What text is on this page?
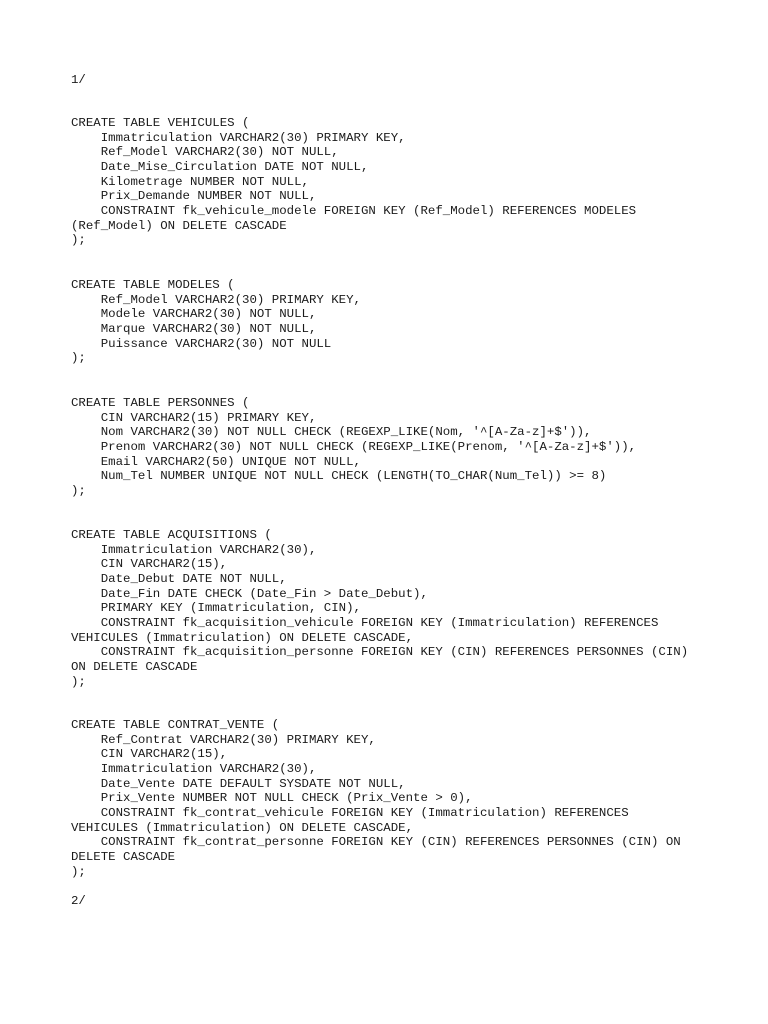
1/
CREATE TABLE VEHICULES (
Immatriculation VARCHAR2(30) PRIMARY KEY,
Ref_Model VARCHAR2(30) NOT NULL,
Date_Mise_Circulation DATE NOT NULL,
Kilometrage NUMBER NOT NULL,
Prix_Demande NUMBER NOT NULL,
CONSTRAINT fk_vehicule_modele FOREIGN KEY (Ref_Model) REFERENCES MODELES
(Ref_Model) ON DELETE CASCADE
);
CREATE TABLE MODELES (
Ref_Model VARCHAR2(30) PRIMARY KEY,
Modele VARCHAR2(30) NOT NULL,
Marque VARCHAR2(30) NOT NULL,
Puissance VARCHAR2(30) NOT NULL
);
CREATE TABLE PERSONNES (
CIN VARCHAR2(15) PRIMARY KEY,
Nom VARCHAR2(30) NOT NULL CHECK (REGEXP_LIKE(Nom, '^[A-Za-z]+$')),
Prenom VARCHAR2(30) NOT NULL CHECK (REGEXP_LIKE(Prenom, '^[A-Za-z]+$')),
Email VARCHAR2(50) UNIQUE NOT NULL,
Num_Tel NUMBER UNIQUE NOT NULL CHECK (LENGTH(TO_CHAR(Num_Tel)) >= 8)
);
CREATE TABLE ACQUISITIONS (
Immatriculation VARCHAR2(30),
CIN VARCHAR2(15),
Date_Debut DATE NOT NULL,
Date_Fin DATE CHECK (Date_Fin > Date_Debut),
PRIMARY KEY (Immatriculation, CIN),
CONSTRAINT fk_acquisition_vehicule FOREIGN KEY (Immatriculation) REFERENCES
VEHICULES (Immatriculation) ON DELETE CASCADE,
CONSTRAINT fk_acquisition_personne FOREIGN KEY (CIN) REFERENCES PERSONNES (CIN)
ON DELETE CASCADE
);
CREATE TABLE CONTRAT_VENTE (
Ref_Contrat VARCHAR2(30) PRIMARY KEY,
CIN VARCHAR2(15),
Immatriculation VARCHAR2(30),
Date_Vente DATE DEFAULT SYSDATE NOT NULL,
Prix_Vente NUMBER NOT NULL CHECK (Prix_Vente > 0),
CONSTRAINT fk_contrat_vehicule FOREIGN KEY (Immatriculation) REFERENCES
VEHICULES (Immatriculation) ON DELETE CASCADE,
CONSTRAINT fk_contrat_personne FOREIGN KEY (CIN) REFERENCES PERSONNES (CIN) ON
DELETE CASCADE
);
2/
